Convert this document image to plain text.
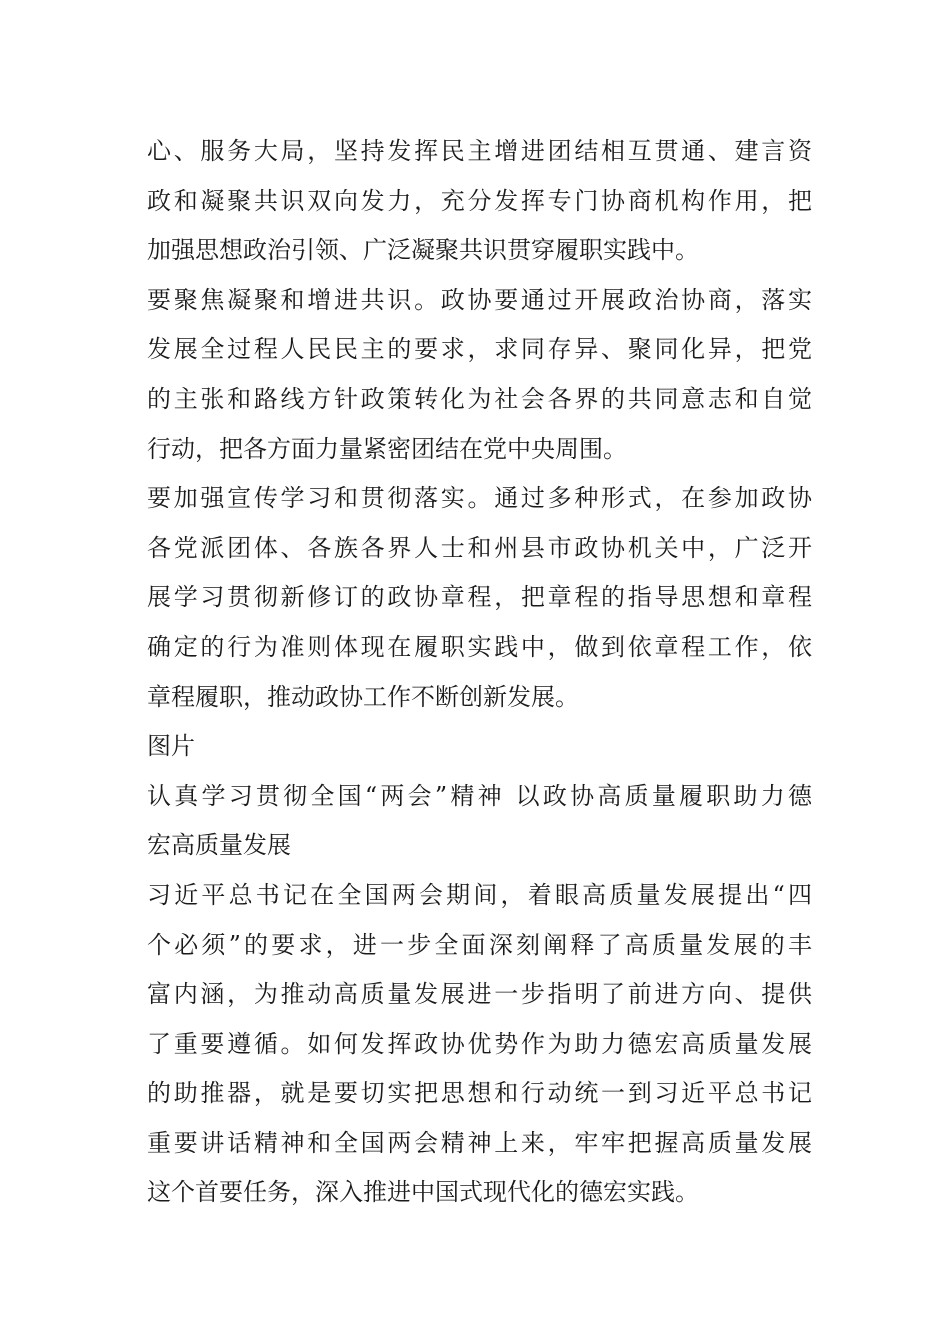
心、服务大局，坚持发挥民主增进团结相互贯通、建言资
政和凝聚共识双向发力，充分发挥专门协商机构作用，把
加强思想政治引领、广泛凝聚共识贯穿履职实践中。
要聚焦凝聚和增进共识。政协要通过开展政治协商，落实
发展全过程人民民主的要求，求同存异、聚同化异，把党
的主张和路线方针政策转化为社会各界的共同意志和自觉
行动，把各方面力量紧密团结在党中央周围。
要加强宣传学习和贯彻落实。通过多种形式，在参加政协
各党派团体、各族各界人士和州县市政协机关中，广泛开
展学习贯彻新修订的政协章程，把章程的指导思想和章程
确定的行为准则体现在履职实践中，做到依章程工作，依
章程履职，推动政协工作不断创新发展。
图片
认真学习贯彻全国“两会”精神 以政协高质量履职助力德
宏高质量发展
习近平总书记在全国两会期间，着眼高质量发展提出“四
个必须”的要求，进一步全面深刻阐释了高质量发展的丰
富内涵，为推动高质量发展进一步指明了前进方向、提供
了重要遵循。如何发挥政协优势作为助力德宏高质量发展
的助推器，就是要切实把思想和行动统一到习近平总书记
重要讲话精神和全国两会精神上来，牢牢把握高质量发展
这个首要任务，深入推进中国式现代化的德宏实践。
